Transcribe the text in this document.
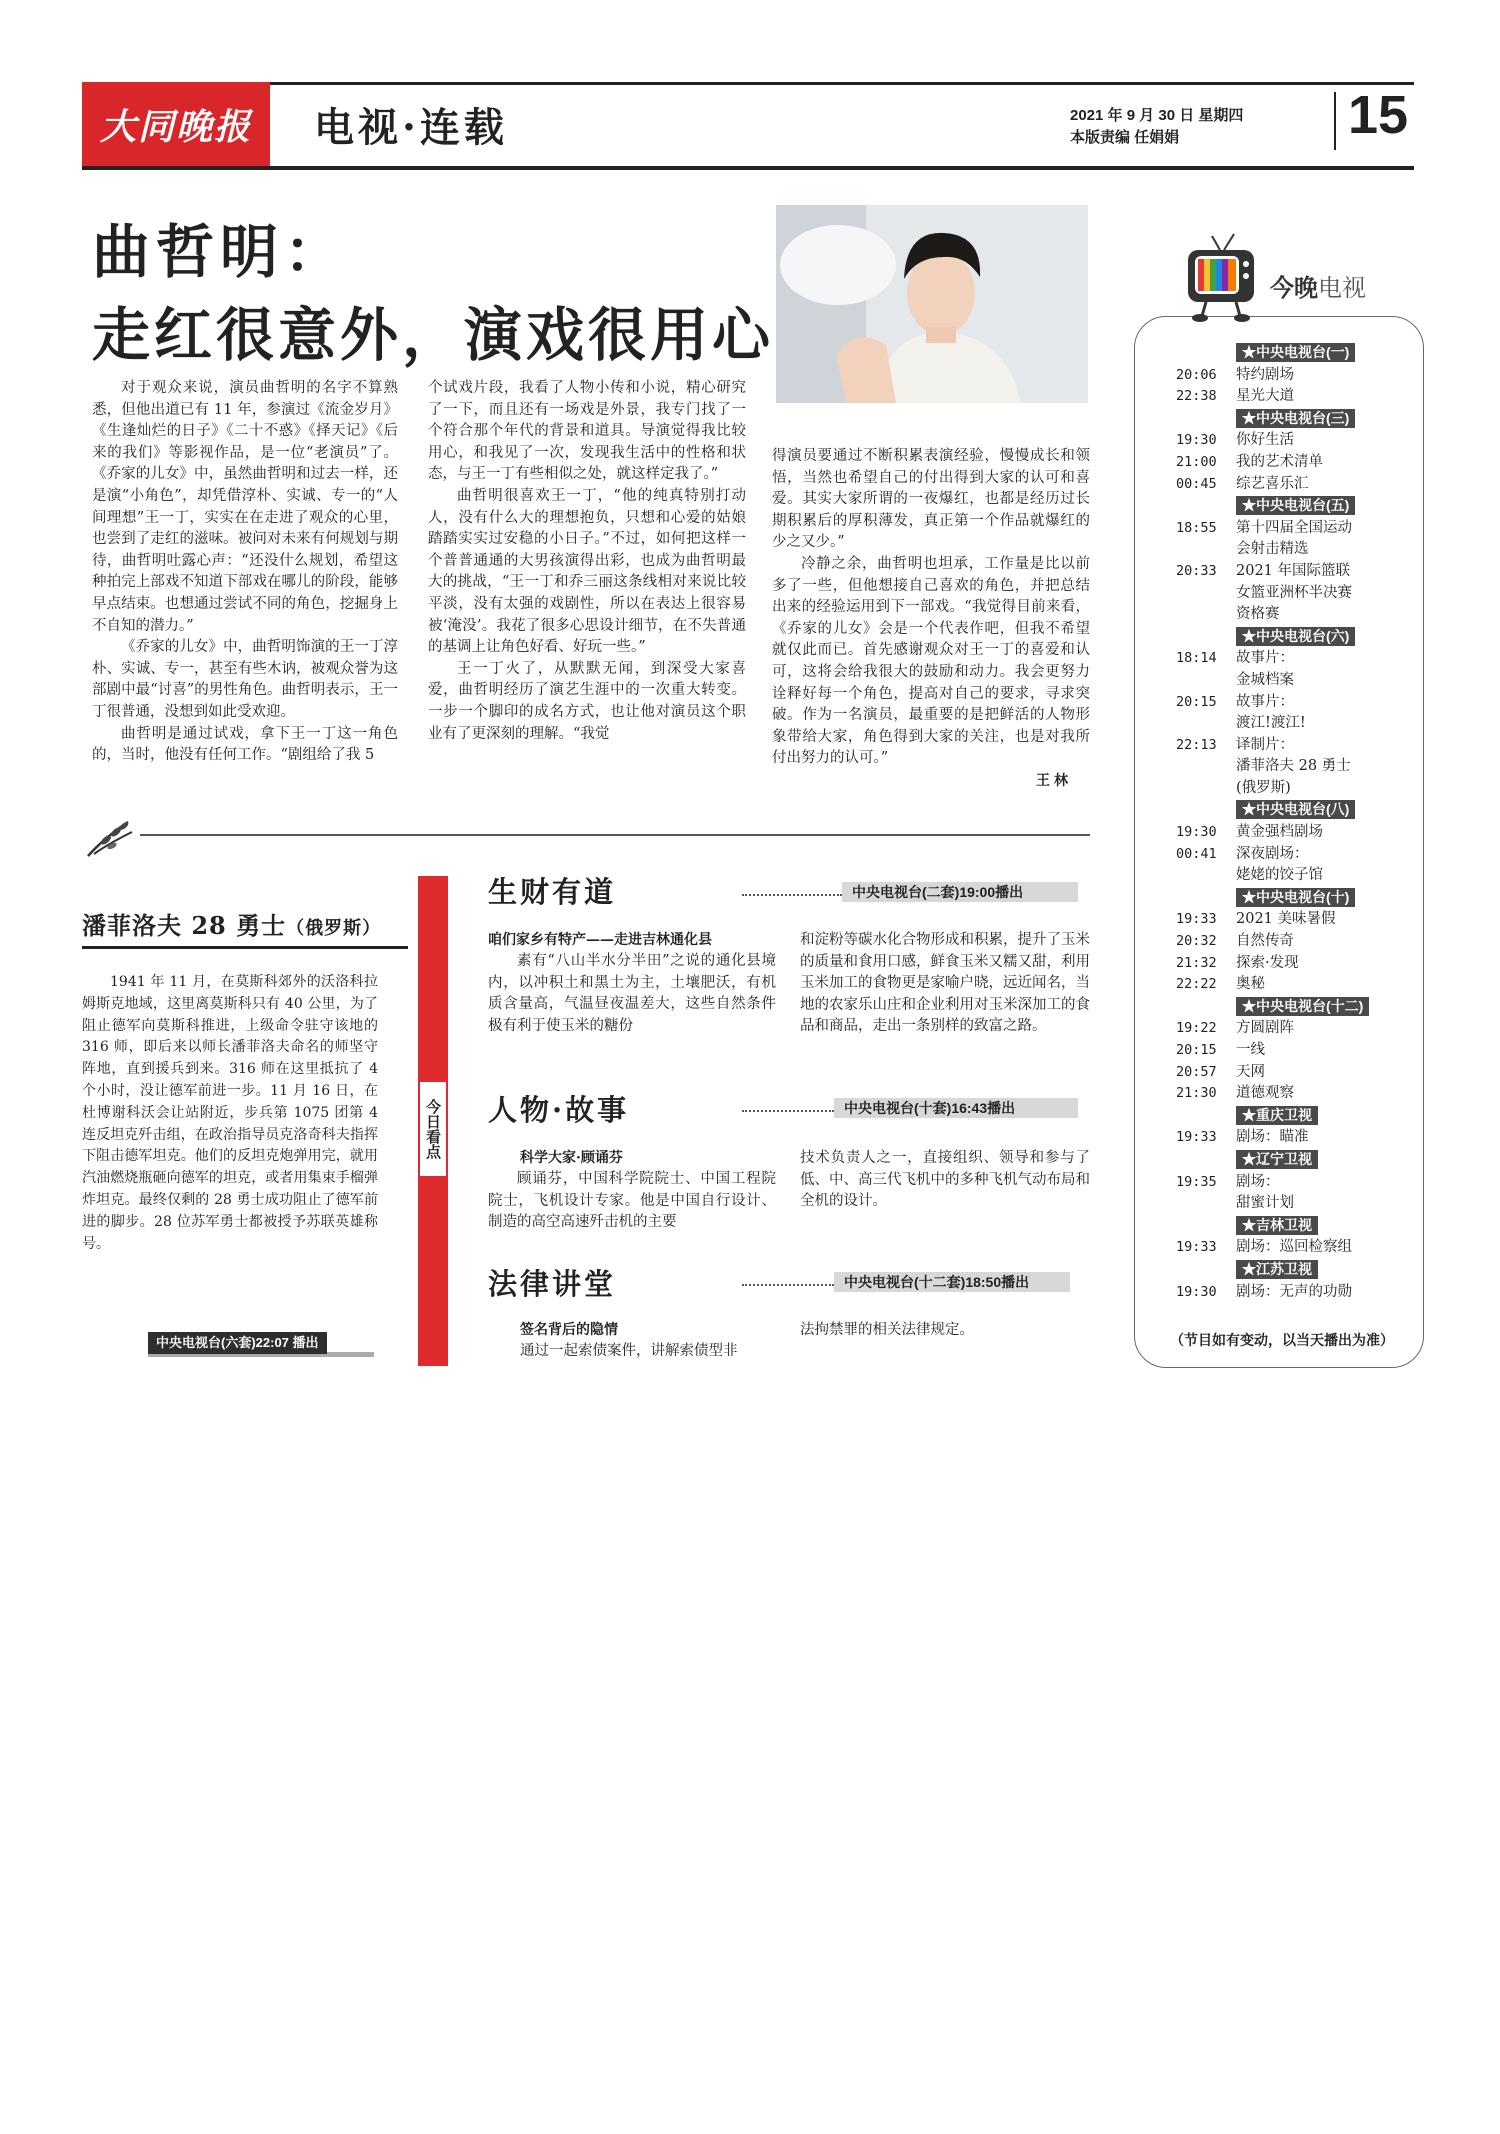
大同晚报	电视·连载	2021 年 9 月 30 日 星期四
本版责编 任娟娟	15
曲哲明：
走红很意外，演戏很用心

对于观众来说，演员曲哲明的名字不算熟悉，但他出道已有 11 年，参演过《流金岁月》《生逢灿烂的日子》《二十不惑》《择天记》《后来的我们》等影视作品，是一位“老演员”了。《乔家的儿女》中，虽然曲哲明和过去一样，还是演“小角色”，却凭借淳朴、实诚、专一的“人间理想”王一丁，实实在在走进了观众的心里，也尝到了走红的滋味。被问对未来有何规划与期待，曲哲明吐露心声：“还没什么规划，希望这种拍完上部戏不知道下部戏在哪儿的阶段，能够早点结束。也想通过尝试不同的角色，挖掘身上不自知的潜力。”

《乔家的儿女》中，曲哲明饰演的王一丁淳朴、实诚、专一，甚至有些木讷，被观众誉为这部剧中最“讨喜”的男性角色。曲哲明表示，王一丁很普通，没想到如此受欢迎。

曲哲明是通过试戏，拿下王一丁这一角色的，当时，他没有任何工作。“剧组给了我 5

个试戏片段，我看了人物小传和小说，精心研究了一下，而且还有一场戏是外景，我专门找了一个符合那个年代的背景和道具。导演觉得我比较用心，和我见了一次，发现我生活中的性格和状态，与王一丁有些相似之处，就这样定我了。”

曲哲明很喜欢王一丁，“他的纯真特别打动人，没有什么大的理想抱负，只想和心爱的姑娘踏踏实实过安稳的小日子。”不过，如何把这样一个普普通通的大男孩演得出彩，也成为曲哲明最大的挑战，“王一丁和乔三丽这条线相对来说比较平淡，没有太强的戏剧性，所以在表达上很容易被‘淹没’。我花了很多心思设计细节，在不失普通的基调上让角色好看、好玩一些。”

王一丁火了，从默默无闻，到深受大家喜爱，曲哲明经历了演艺生涯中的一次重大转变。一步一个脚印的成名方式，也让他对演员这个职业有了更深刻的理解。“我觉

得演员要通过不断积累表演经验，慢慢成长和领悟，当然也希望自己的付出得到大家的认可和喜爱。其实大家所谓的一夜爆红，也都是经历过长期积累后的厚积薄发，真正第一个作品就爆红的少之又少。”

冷静之余，曲哲明也坦承，工作量是比以前多了一些，但他想接自己喜欢的角色，并把总结出来的经验运用到下一部戏。“我觉得目前来看，《乔家的儿女》会是一个代表作吧，但我不希望就仅此而已。首先感谢观众对王一丁的喜爱和认可，这将会给我很大的鼓励和动力。我会更努力诠释好每一个角色，提高对自己的要求，寻求突破。作为一名演员，最重要的是把鲜活的人物形象带给大家，角色得到大家的关注，也是对我所付出努力的认可。”

王林
潘菲洛夫 28 勇士（俄罗斯）

1941 年 11 月，在莫斯科郊外的沃洛科拉姆斯克地域，这里离莫斯科只有 40 公里，为了阻止德军向莫斯科推进，上级命令驻守该地的 316 师，即后来以师长潘菲洛夫命名的师坚守阵地，直到援兵到来。316 师在这里抵抗了 4 个小时，没让德军前进一步。11 月 16 日，在杜博谢科沃会让站附近，步兵第 1075 团第 4 连反坦克歼击组，在政治指导员克洛奇科夫指挥下阻击德军坦克。他们的反坦克炮弹用完，就用汽油燃烧瓶砸向德军的坦克，或者用集束手榴弹炸坦克。最终仅剩的 28 勇士成功阻止了德军前进的脚步。28 位苏军勇士都被授予苏联英雄称号。

中央电视台(六套)22:07 播出
今日看点
生财有道	中央电视台(二套)19:00播出
咱们家乡有特产——走进吉林通化县
素有“八山半水分半田”之说的通化县境内，以冲积土和黑土为主，土壤肥沃，有机质含量高，气温昼夜温差大，这些自然条件极有利于使玉米的糖份
和淀粉等碳水化合物形成和积累，提升了玉米的质量和食用口感，鲜食玉米又糯又甜，利用玉米加工的食物更是家喻户晓，远近闻名，当地的农家乐山庄和企业利用对玉米深加工的食品和商品，走出一条别样的致富之路。
人物·故事	中央电视台(十套)16:43播出
科学大家·顾诵芬
顾诵芬，中国科学院院士、中国工程院院士，飞机设计专家。他是中国自行设计、制造的高空高速歼击机的主要
技术负责人之一，直接组织、领导和参与了低、中、高三代飞机中的多种飞机气动布局和全机的设计。
法律讲堂	中央电视台(十二套)18:50播出
签名背后的隐情
通过一起索债案件，讲解索债型非
法拘禁罪的相关法律规定。
今晚电视
★中央电视台(一)
20:06	特约剧场
22:38	星光大道
★中央电视台(三)
19:30	你好生活
21:00	我的艺术清单
00:45	综艺喜乐汇
★中央电视台(五)
18:55	第十四届全国运动
会射击精选
20:33	2021 年国际篮联
女篮亚洲杯半决赛
资格赛
★中央电视台(六)
18:14	故事片：
金城档案
20:15	故事片：
渡江!渡江!
22:13	译制片：
潘菲洛夫 28 勇士
(俄罗斯)
★中央电视台(八)
19:30	黄金强档剧场
00:41	深夜剧场：
姥姥的饺子馆
★中央电视台(十)
19:33	2021 美味暑假
20:32	自然传奇
21:32	探索·发现
22:22	奥秘
★中央电视台(十二)
19:22	方圆剧阵
20:15	一线
20:57	天网
21:30	道德观察
★重庆卫视
19:33	剧场：瞄准
★辽宁卫视
19:35	剧场：
甜蜜计划
★吉林卫视
19:33	剧场：巡回检察组
★江苏卫视
19:30	剧场：无声的功勋
（节目如有变动，以当天播出为准）
